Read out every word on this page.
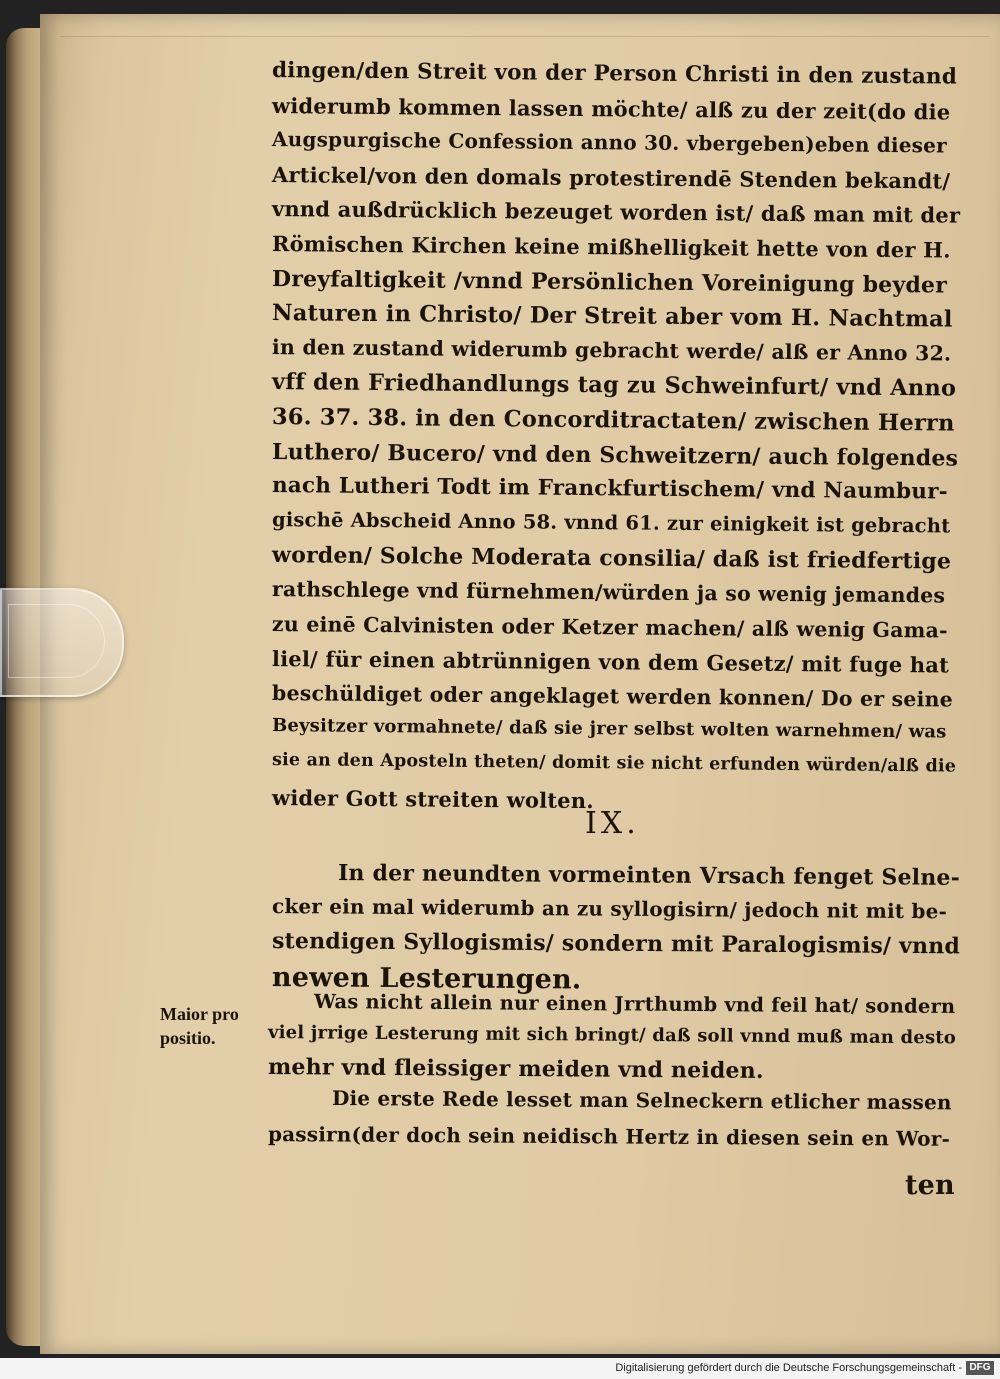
dingen/den Streit von der Person Christi in den zustand
widerumb kommen lassen möchte/ alß zu der zeit(do die
Augspurgische Confession anno 30. vbergeben)eben dieser
Artickel/von den domals protestirendē Stenden bekandt/
vnnd außdrücklich bezeuget worden ist/ daß man mit der
Römischen Kirchen keine mißhelligkeit hette von der H.
Dreyfaltigkeit /vnnd Persönlichen Voreinigung beyder
Naturen in Christo/ Der Streit aber vom H. Nachtmal
in den zustand widerumb gebracht werde/ alß er Anno 32.
vff den Friedhandlungs tag zu Schweinfurt/ vnd Anno
36. 37. 38. in den Concorditractaten/ zwischen Herrn
Luthero/ Bucero/ vnd den Schweitzern/ auch folgendes
nach Lutheri Todt im Franckfurtischem/ vnd Naumbur-
gischē Abscheid Anno 58. vnnd 61. zur einigkeit ist gebracht
worden/ Solche Moderata consilia/ daß ist friedfertige
rathschlege vnd fürnehmen/würden ja so wenig jemandes
zu einē Calvinisten oder Ketzer machen/ alß wenig Gama-
liel/ für einen abtrünnigen von dem Gesetz/ mit fuge hat
beschüldiget oder angeklaget werden konnen/ Do er seine
Beysitzer vormahnete/ daß sie jrer selbst wolten warnehmen/ was
sie an den Aposteln theten/ domit sie nicht erfunden würden/alß die
wider Gott streiten wolten.
In der neundten vormeinten Vrsach fenget Selne-
cker ein mal widerumb an zu syllogisirn/ jedoch nit mit be-
stendigen Syllogismis/ sondern mit Paralogismis/ vnnd
newen Lesterungen.
Was nicht allein nur einen Jrrthumb vnd feil hat/ sondern
viel jrrige Lesterung mit sich bringt/ daß soll vnnd muß man desto
mehr vnd fleissiger meiden vnd neiden.
Die erste Rede lesset man Selneckern etlicher massen
passirn(der doch sein neidisch Hertz in diesen sein en Wor-
ten
IX.
Maior pro
positio.
Digitalisierung gefördert durch die Deutsche Forschungsgemeinschaft - DFG
